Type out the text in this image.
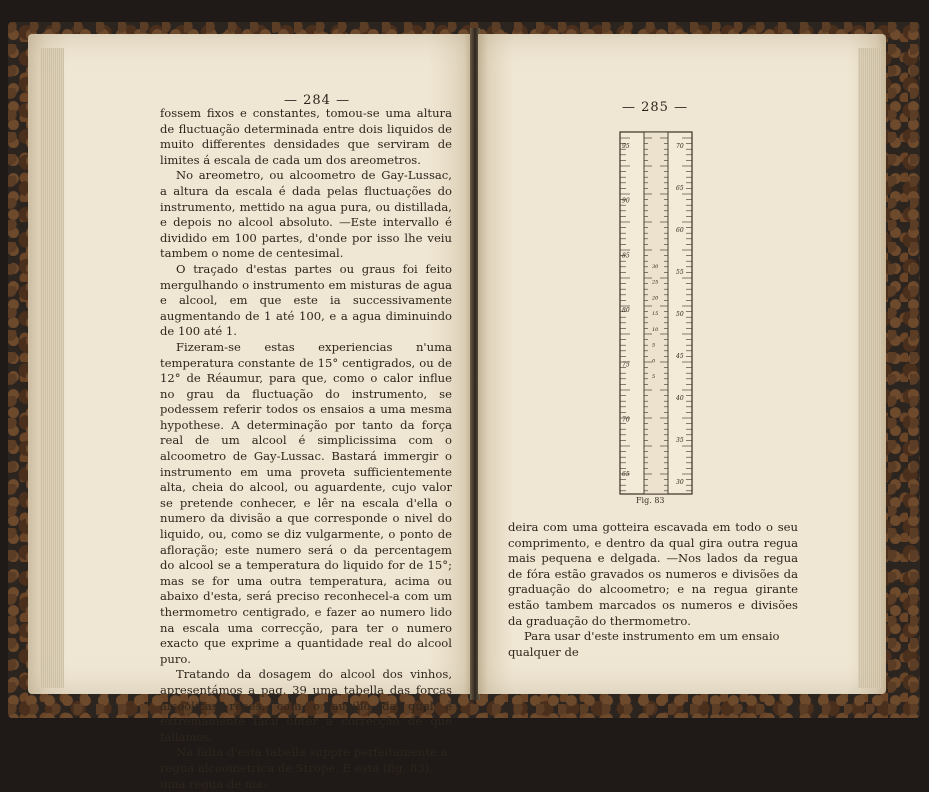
— 284 —

fossem fixos e constantes, tomou-se uma altura de fluctuação determinada entre dois liquidos de muito differentes densidades que serviram de limites á escala de cada um dos areometros.

No areometro, ou alcoometro de Gay-Lussac, a altura da escala é dada pelas fluctuações do instrumento, mettido na agua pura, ou distillada, e depois no alcool absoluto. —Este intervallo é dividido em 100 partes, d'onde por isso lhe veiu tambem o nome de centesimal.

O traçado d'estas partes ou graus foi feito mergulhando o instrumento em misturas de agua e alcool, em que este ia successivamente augmentando de 1 até 100, e a agua diminuindo de 100 até 1.

Fizeram-se estas experiencias n'uma temperatura constante de 15° centigrados, ou de 12° de Réaumur, para que, como o calor influe no grau da fluctuação do instrumento, se podessem referir todos os ensaios a uma mesma hypothese. A determinação por tanto da força real de um alcool é simplicissima com o alcoometro de Gay-Lussac. Bastará immergir o instrumento em uma proveta sufficientemente alta, cheia do alcool, ou aguardente, cujo valor se pretende conhecer, e lêr na escala d'ella o numero da divisão a que corresponde o nivel do liquido, ou, como se diz vulgarmente, o ponto de afloração; este numero será o da percentagem do alcool se a temperatura do liquido for de 15°; mas se for uma outra temperatura, acima ou abaixo d'esta, será preciso reconhecel-a com um thermometro centigrado, e fazer ao numero lido na escala uma correcção, para ter o numero exacto que exprime a quantidade real do alcool puro.

Tratando da dosagem do alcool dos vinhos, apresentámos a pag. 39 uma tabella das forças alcoolicas reaes, com o auxilio da qual é extremamente facil obter a correcção de que fallamos.

Na falta d'esta tabella suppre perfeitamente a regua alcoometrica de Strope. É esta (fig. 83), uma regua de ma-

— 285 —
95
90
85
80
75
70
65
70
65
60
55
50
45
40
35
30
30
25
20
15
10
5
0
5
Fig. 83

deira com uma gotteira escavada em todo o seu comprimento, e dentro da qual gira outra regua mais pequena e delgada. —Nos lados da regua de fóra estão gravados os numeros e divisões da graduação do alcoometro; e na regua girante estão tambem marcados os numeros e divisões da graduação do thermometro.

Para usar d'este instrumento em um ensaio qualquer de
